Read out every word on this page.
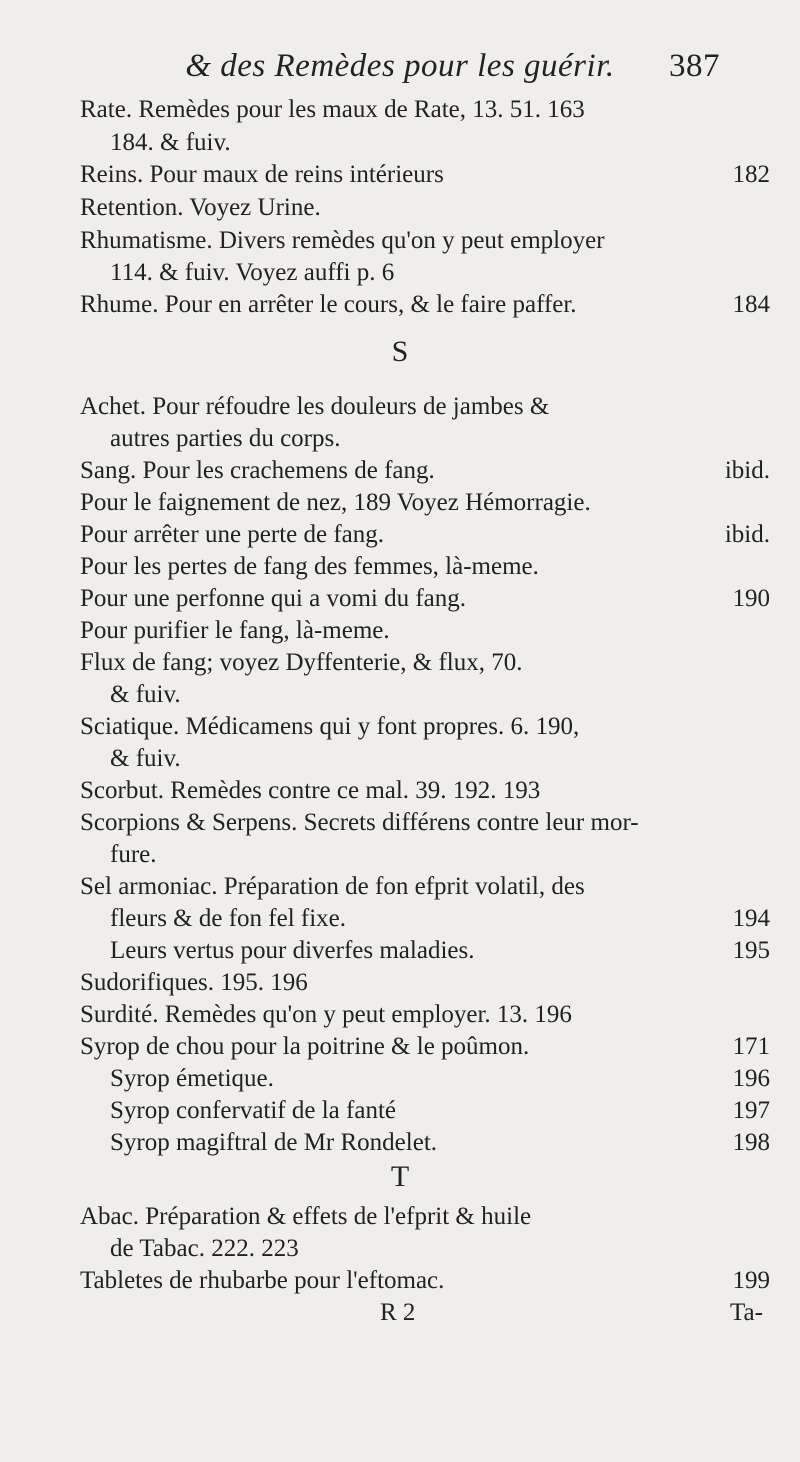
& des Remèdes pour les guérir. 387
Rate. Remèdes pour les maux de Rate, 13. 51. 163
184. & fuiv.
Reins. Pour maux de reins intérieurs	182
Retention. Voyez Urine.
Rhumatisme. Divers remèdes qu'on y peut employer
114. & fuiv. Voyez auffi p. 6
Rhume. Pour en arrêter le cours, & le faire paffer.	184
S
Achet. Pour réfoudre les douleurs de jambes &
autres parties du corps.
Sang. Pour les crachemens de fang.	ibid.
Pour le faignement de nez, 189 Voyez Hémorragie.
Pour arrêter une perte de fang.	ibid.
Pour les pertes de fang des femmes, là-meme.
Pour une perfonne qui a vomi du fang.	190
Pour purifier le fang, là-meme.
Flux de fang; voyez Dyffenterie, & flux, 70.
& fuiv.
Sciatique. Médicamens qui y font propres. 6. 190,
& fuiv.
Scorbut. Remèdes contre ce mal. 39. 192. 193
Scorpions & Serpens. Secrets différens contre leur mor-
fure.
Sel armoniac. Préparation de fon efprit volatil, des
fleurs & de fon fel fixe.	194
Leurs vertus pour diverfes maladies.	195
Sudorifiques. 195. 196
Surdité. Remèdes qu'on y peut employer. 13. 196
Syrop de chou pour la poitrine & le poûmon.	171
Syrop émetique.	196
Syrop confervatif de la fanté	197
Syrop magiftral de Mr Rondelet.	198
T
Abac. Préparation & effets de l'efprit & huile
de Tabac. 222. 223
Tabletes de rhubarbe pour l'eftomac.	199
R 2	Ta-
